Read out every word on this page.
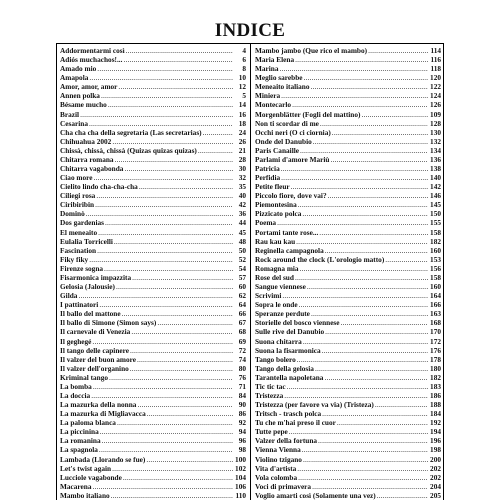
INDICE
Addormentarmi così .....	4
Adiós muchachos!... .....	6
Amado mio .....	8
Amapola .....	10
Amor, amor, amor .....	12
Annen polka .....	5
Bésame mucho .....	14
Brazil .....	16
Cesarina .....	18
Cha cha cha della segretaria (Las secretarias) .....	24
Chihuahua 2002 .....	26
Chissà, chissà, chissà (Quizas quizas quizas) .....	21
Chitarra romana .....	28
Chitarra vagabonda .....	30
Ciao more .....	32
Cielito lindo cha-cha-cha .....	35
Ciliegi rosa .....	40
Ciribiribin .....	42
Dominò .....	36
Dos gardenias .....	44
El meneaito .....	45
Eulalia Torricelli .....	48
Fascination .....	50
Fiky fiky .....	52
Firenze sogna .....	54
Fisarmonica impazzita .....	57
Gelosia (Jalousie) .....	60
Gilda .....	62
I pattinatori .....	64
Il ballo del mattone .....	66
Il ballo di Simone (Simon says) .....	67
Il carnevale di Venezia .....	68
Il geghegé .....	69
Il tango delle capinere .....	72
Il valzer del buon amore .....	74
Il valzer dell'organino .....	80
Kriminal tango .....	76
La bomba .....	71
La doccia .....	84
La mazurka della nonna .....	90
La mazurka di Migliavacca .....	86
La paloma blanca .....	92
La piccinina .....	94
La romanina .....	96
La spagnola .....	98
Lambada (Llorando se fue) .....	100
Let's twist again .....	102
Lucciole vagabonde .....	104
Macarena .....	106
Mambo italiano .....	110
Mambo jambo (Que rico el mambo) .....	114
Maria Elena .....	116
Marina .....	118
Meglio sarebbe .....	120
Meneaito italiano .....	122
Miniera .....	124
Montecarlo .....	126
Morgenblätter (Fogli del mattino) .....	109
Non ti scordar di me .....	128
Occhi neri (O ci ciornia) .....	130
Onde del Danubio .....	132
Paris Canaille .....	134
Parlami d'amore Mariù .....	136
Patricia .....	138
Perfidia .....	140
Petite fleur .....	142
Piccolo fiore, dove vai? .....	146
Piemontesina .....	145
Pizzicato polca .....	150
Poema .....	155
Portami tante rose... .....	158
Rau kau kau .....	182
Reginella campagnola .....	160
Rock around the clock (L'orologio matto) .....	153
Romagna mia .....	156
Rose del sud .....	158
Sangue viennese .....	160
Scrivimi .....	164
Sopra le onde .....	166
Speranze perdute .....	163
Storielle del bosco viennese .....	168
Sulle rive del Danubio .....	170
Suona chitarra .....	172
Suona la fisarmonica .....	176
Tango bolero .....	178
Tango della gelosia .....	180
Tarantella napoletana .....	182
Tic tic tac .....	183
Tristezza .....	186
Tristezza (per favore va via) (Tristeza) .....	188
Tritsch - trasch polca .....	184
Tu che m'hai preso il cuor .....	192
Tutte pepe .....	194
Valzer della fortuna .....	196
Vienna Vienna .....	198
Violino tzigano .....	200
Vita d'artista .....	202
Vola colomba .....	202
Voci di primavera .....	204
Voglio amarti così (Solamente una vez) .....	205
